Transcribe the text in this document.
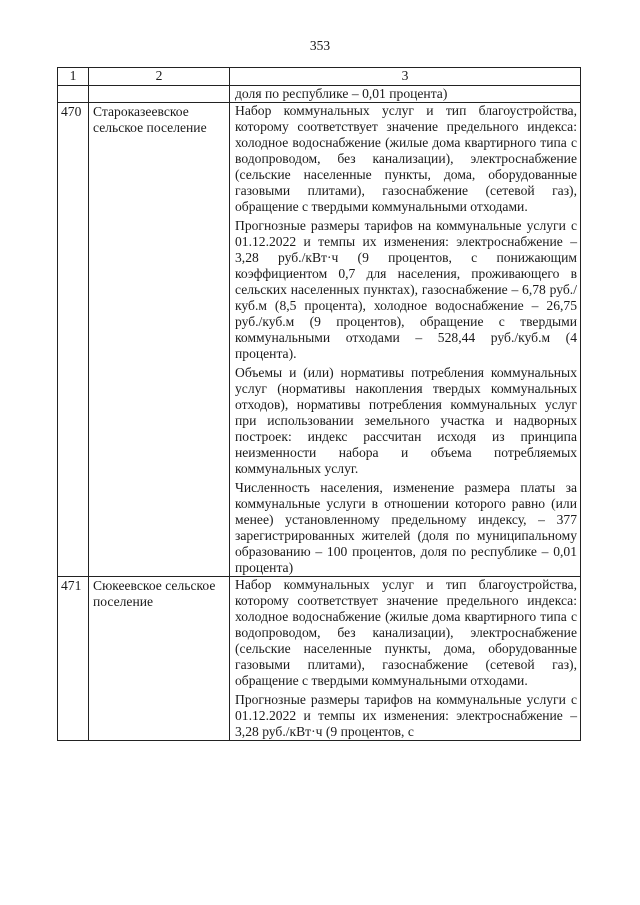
353
1	2	3

		доля по республике – 0,01 процента)

470	Староказеевское сельское поселение	Набор коммунальных услуг и тип благоустройства, которому соответствует значение предельного индекса: холодное водоснабжение (жилые дома квартирного типа с водопроводом, без канализации), электроснабжение (сельские населенные пункты, дома, оборудованные газовыми плитами), газоснабжение (сетевой газ), обращение с твердыми коммунальными отходами.

Прогнозные размеры тарифов на коммунальные услуги с 01.12.2022 и темпы их изменения: электроснабжение – 3,28 руб./кВт·ч (9 процентов, с понижающим коэффициентом 0,7 для населения, проживающего в сельских населенных пунктах), газоснабжение – 6,78 руб./куб.м (8,5 процента), холодное водоснабжение – 26,75 руб./куб.м (9 процентов), обращение с твердыми коммунальными отходами – 528,44 руб./куб.м (4 процента).

Объемы и (или) нормативы потребления коммунальных услуг (нормативы накопления твердых коммунальных отходов), нормативы потребления коммунальных услуг при использовании земельного участка и надворных построек: индекс рассчитан исходя из принципа неизменности набора и объема потребляемых коммунальных услуг.

Численность населения, изменение размера платы за коммунальные услуги в отношении которого равно (или менее) установленному предельному индексу, – 377 зарегистрированных жителей (доля по муниципальному образованию – 100 процентов, доля по республике – 0,01 процента)

471	Сюкеевское сельское поселение	Набор коммунальных услуг и тип благоустройства, которому соответствует значение предельного индекса: холодное водоснабжение (жилые дома квартирного типа с водопроводом, без канализации), электроснабжение (сельские населенные пункты, дома, оборудованные газовыми плитами), газоснабжение (сетевой газ), обращение с твердыми коммунальными отходами.

Прогнозные размеры тарифов на коммунальные услуги с 01.12.2022 и темпы их изменения: электроснабжение – 3,28 руб./кВт·ч (9 процентов, с
